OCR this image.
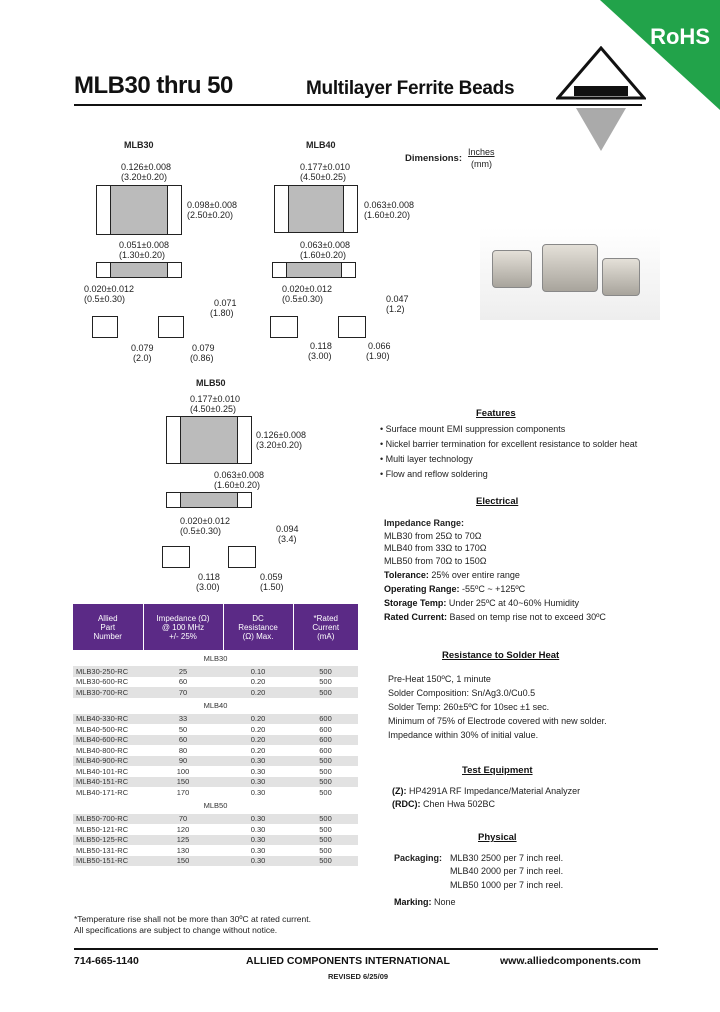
RoHS
MLB30 thru 50	Multilayer Ferrite Beads
Dimensions:
Inches
(mm)
MLB30
0.126±0.008
(3.20±0.20)
0.098±0.008
(2.50±0.20)
0.051±0.008
(1.30±0.20)
0.020±0.012
(0.5±0.30)	0.071
(1.80)
0.079
(2.0)
0.079
(0.86)
MLB40
0.177±0.010
(4.50±0.25)
0.063±0.008
(1.60±0.20)
0.063±0.008
(1.60±0.20)
0.020±0.012
(0.5±0.30)	0.047
(1.2)
0.118
(3.00)
0.066
(1.90)
MLB50
0.177±0.010
(4.50±0.25)
0.126±0.008
(3.20±0.20)
0.063±0.008
(1.60±0.20)
0.020±0.012
(0.5±0.30)	0.094
(3.4)
0.118
(3.00)
0.059
(1.50)
Allied
Part
Number	Impedance (Ω)
@ 100 MHz
+/- 25%	DC
Resistance
(Ω) Max.	*Rated
Current
(mA)
MLB30			
MLB30-250-RC	25	0.10	500
MLB30-600-RC	60	0.20	500
MLB30-700-RC	70	0.20	500
MLB40			
MLB40-330-RC	33	0.20	600
MLB40-500-RC	50	0.20	600
MLB40-600-RC	60	0.20	600
MLB40-800-RC	80	0.20	600
MLB40-900-RC	90	0.30	500
MLB40-101-RC	100	0.30	500
MLB40-151-RC	150	0.30	500
MLB40-171-RC	170	0.30	500
MLB50			
MLB50-700-RC	70	0.30	500
MLB50-121-RC	120	0.30	500
MLB50-125-RC	125	0.30	500
MLB50-131-RC	130	0.30	500
MLB50-151-RC	150	0.30	500
Features
• Surface mount EMI suppression components
• Nickel barrier termination for excellent resistance to solder heat
• Multi layer technology
• Flow and reflow soldering
Electrical
Impedance Range:
MLB30 from 25Ω to 70Ω
MLB40 from 33Ω to 170Ω
MLB50 from 70Ω to 150Ω
Tolerance: 25% over entire range
Operating Range: -55ºC ~ +125ºC
Storage Temp: Under 25ºC at 40~60% Humidity
Rated Current: Based on temp rise not to exceed 30ºC
Resistance to Solder Heat
Pre-Heat 150ºC, 1 minute
Solder Composition: Sn/Ag3.0/Cu0.5
Solder Temp: 260±5ºC for 10sec ±1 sec.
Minimum of 75% of Electrode covered with new solder.
Impedance within 30% of initial value.
Test Equipment
(Z): HP4291A RF Impedance/Material Analyzer
(RDC): Chen Hwa 502BC
Physical
Packaging: MLB30 2500 per 7 inch reel.
MLB40 2000 per 7 inch reel.
MLB50 1000 per 7 inch reel.
Marking: None
*Temperature rise shall not be more than 30ºC at rated current.
All specifications are subject to change without notice.
714-665-1140	ALLIED COMPONENTS INTERNATIONAL	www.alliedcomponents.com
REVISED 6/25/09
